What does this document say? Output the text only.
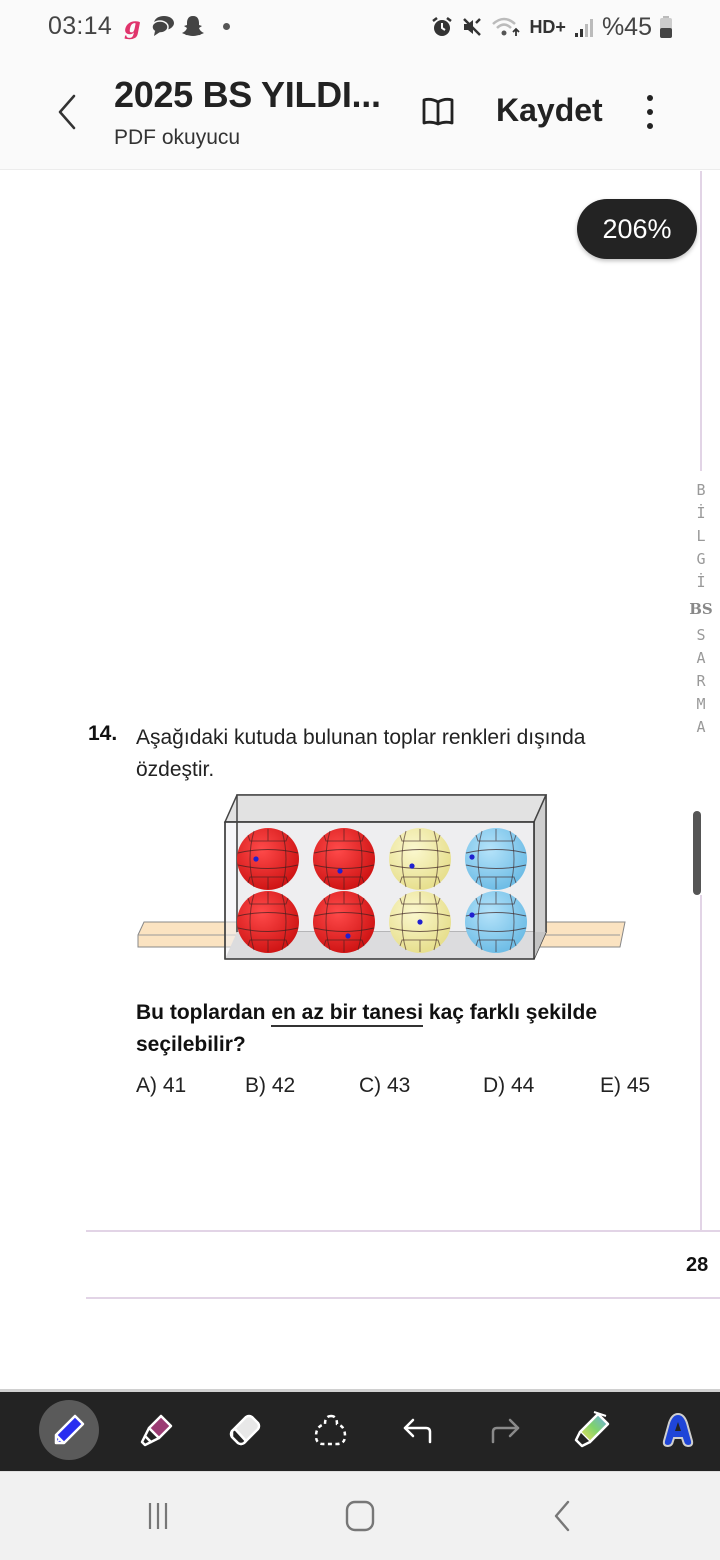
03:14 g	HD+ %45
2025 BS YILDI...
PDF okuyucu
Kaydet
206%
B
İ
L
G
İ
BS
S
A
R
M
A
14. Aşağıdaki kutuda bulunan toplar renkleri dışında özdeştir.
Bu toplardan en az bir tanesi kaç farklı şekilde seçilebilir?
A) 41	B) 42	C) 43	D) 44	E) 45
28
